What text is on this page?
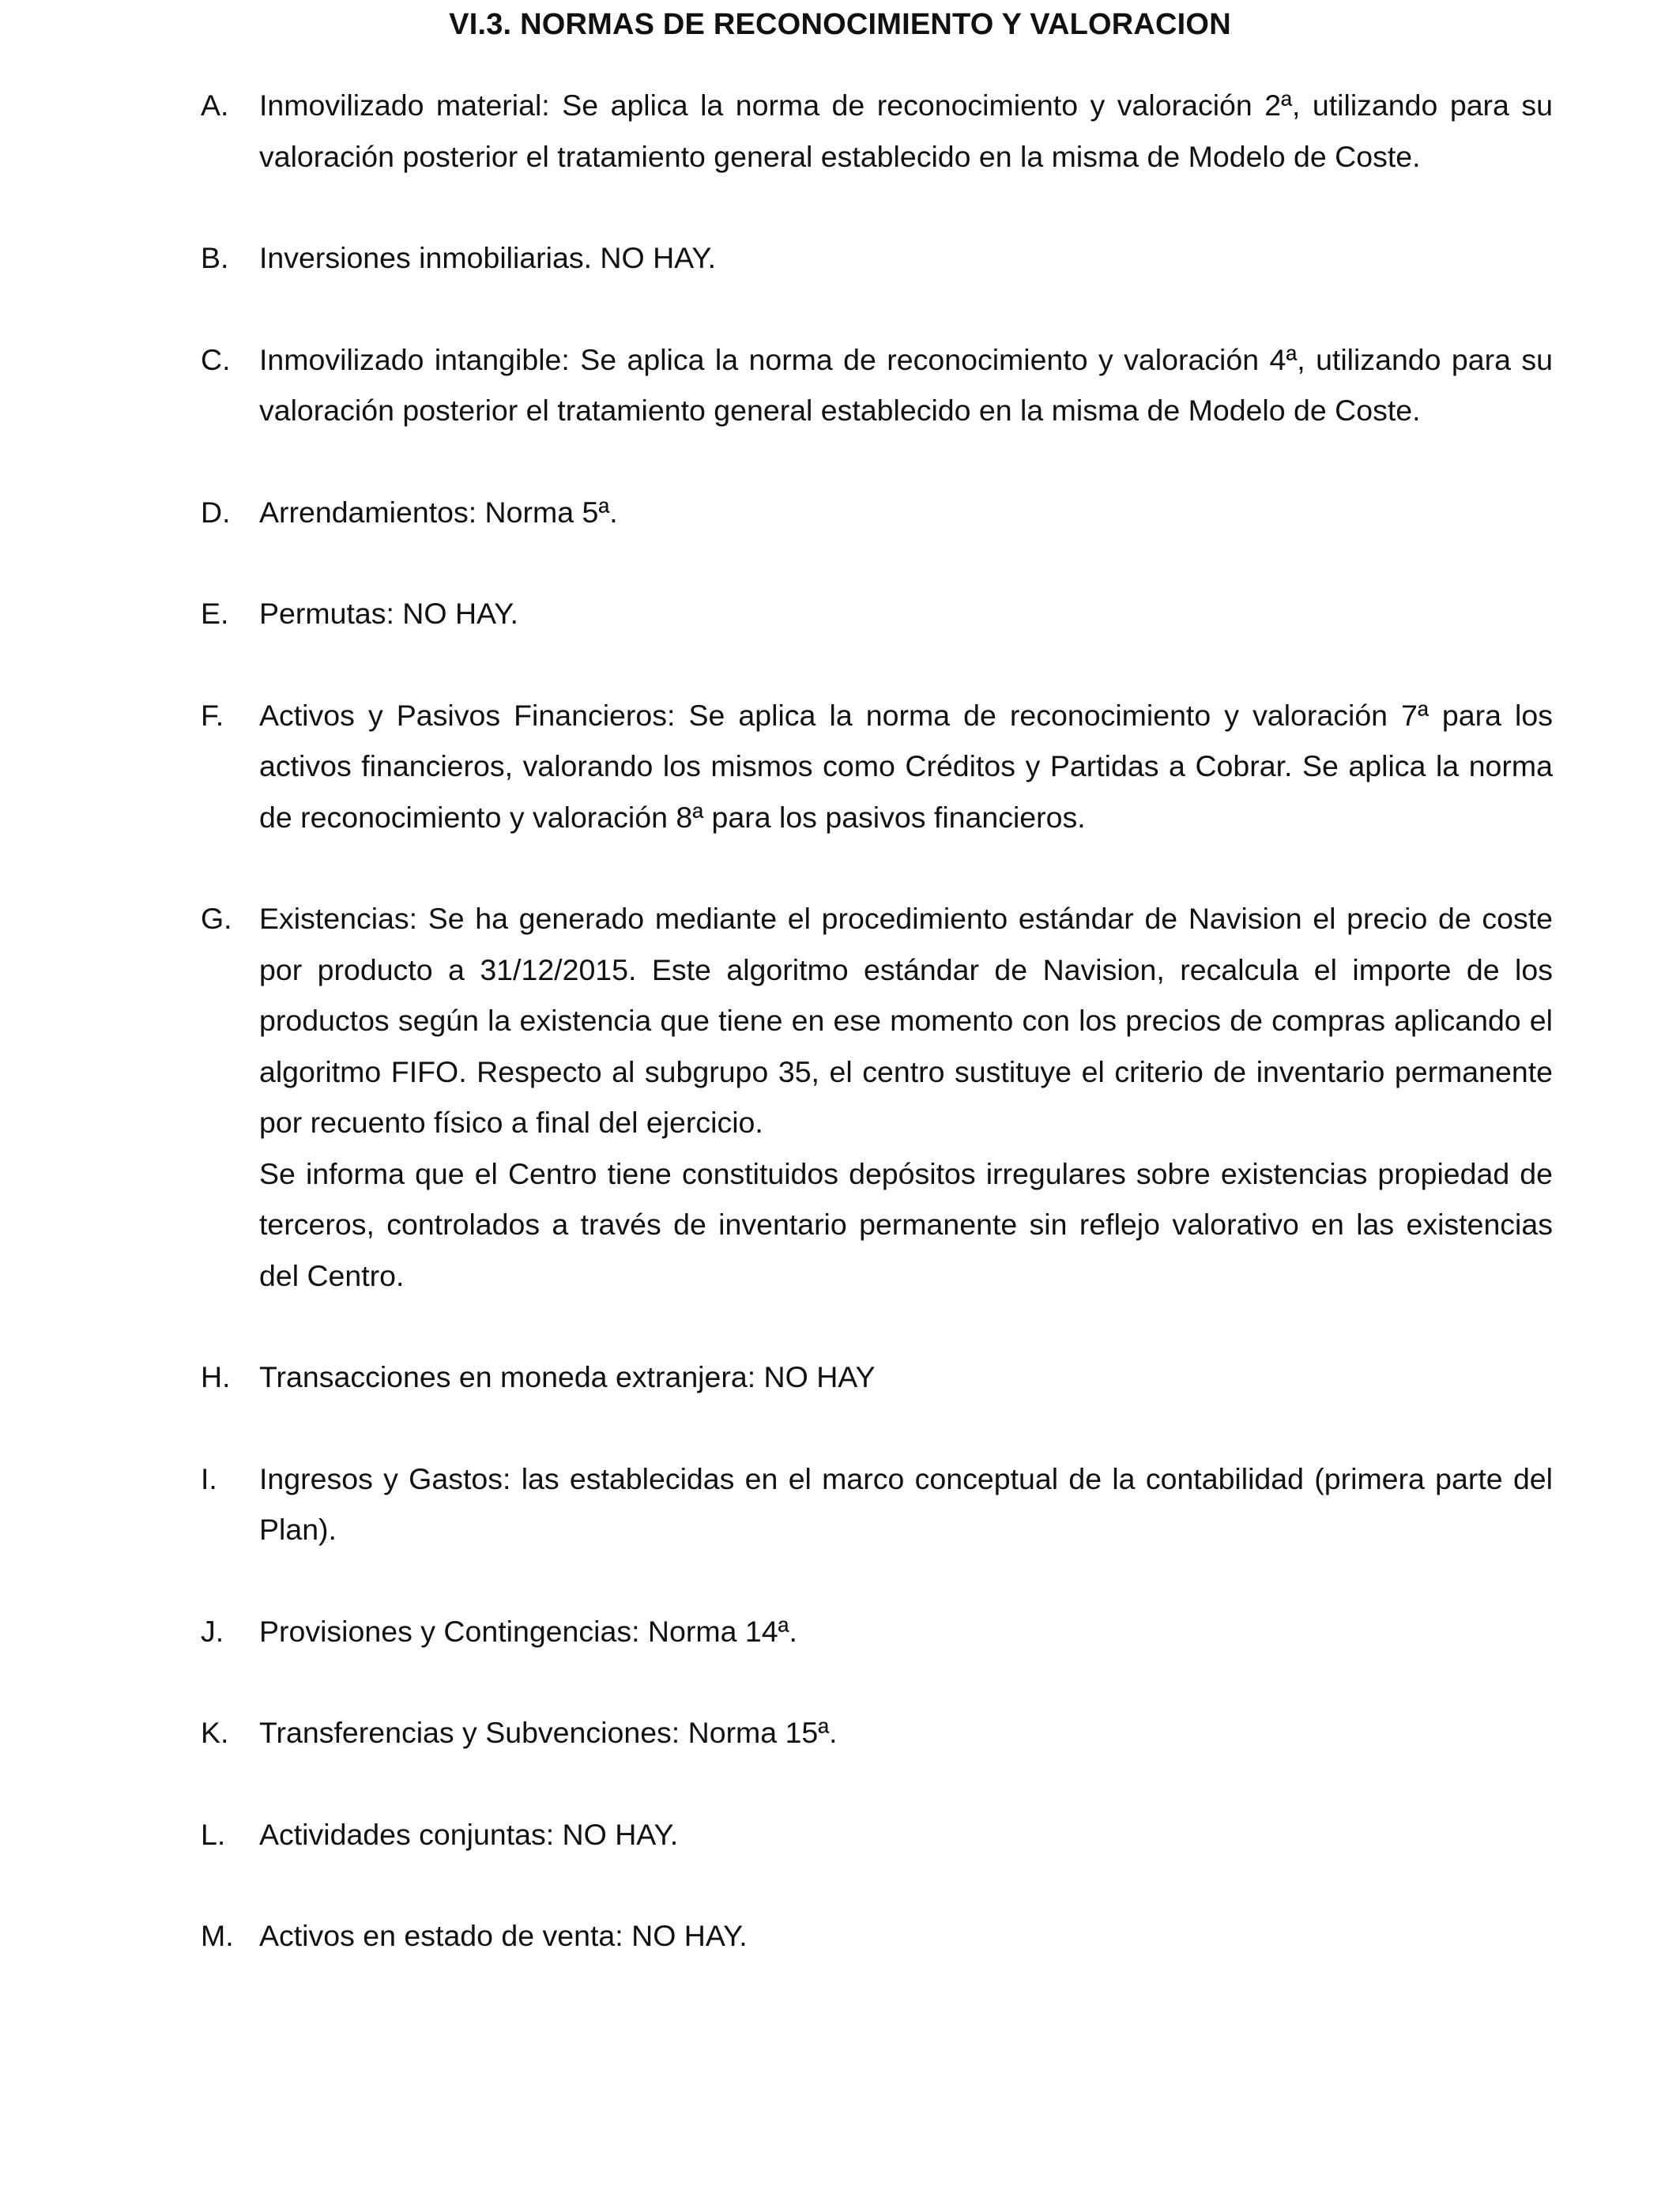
VI.3. NORMAS DE RECONOCIMIENTO Y VALORACION
A. Inmovilizado material: Se aplica la norma de reconocimiento y valoración 2ª, utilizando para su valoración posterior el tratamiento general establecido en la misma de Modelo de Coste.
B. Inversiones inmobiliarias. NO HAY.
C. Inmovilizado intangible: Se aplica la norma de reconocimiento y valoración 4ª, utilizando para su valoración posterior el tratamiento general establecido en la misma de Modelo de Coste.
D. Arrendamientos: Norma 5ª.
E. Permutas: NO HAY.
F. Activos y Pasivos Financieros: Se aplica la norma de reconocimiento y valoración 7ª para los activos financieros, valorando los mismos como Créditos y Partidas a Cobrar. Se aplica la norma de reconocimiento y valoración 8ª para los pasivos financieros.
G. Existencias: Se ha generado mediante el procedimiento estándar de Navision el precio de coste por producto a 31/12/2015. Este algoritmo estándar de Navision, recalcula el importe de los productos según la existencia que tiene en ese momento con los precios de compras aplicando el algoritmo FIFO. Respecto al subgrupo 35, el centro sustituye el criterio de inventario permanente por recuento físico a final del ejercicio.
Se informa que el Centro tiene constituidos depósitos irregulares sobre existencias propiedad de terceros, controlados a través de inventario permanente sin reflejo valorativo en las existencias del Centro.
H. Transacciones en moneda extranjera: NO HAY
I. Ingresos y Gastos: las establecidas en el marco conceptual de la contabilidad (primera parte del Plan).
J. Provisiones y Contingencias: Norma 14ª.
K. Transferencias y Subvenciones: Norma 15ª.
L. Actividades conjuntas: NO HAY.
M. Activos en estado de venta: NO HAY.
